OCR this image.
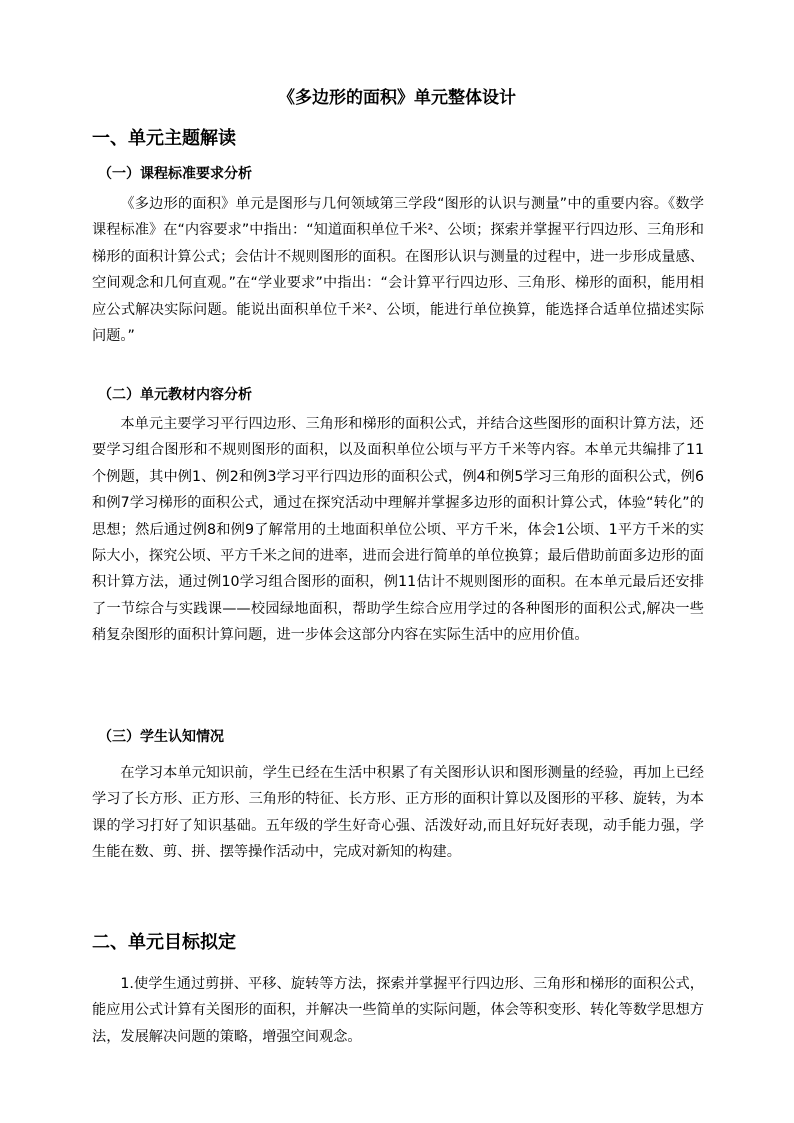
《多边形的面积》单元整体设计
一、单元主题解读
（一）课程标准要求分析

《多边形的面积》单元是图形与几何领域第三学段“图形的认识与测量”中的重要内容。《数学课程标准》在“内容要求”中指出：“知道面积单位千米²、公顷；探索并掌握平行四边形、三角形和梯形的面积计算公式；会估计不规则图形的面积。在图形认识与测量的过程中，进一步形成量感、空间观念和几何直观。”在“学业要求”中指出：“会计算平行四边形、三角形、梯形的面积，能用相应公式解决实际问题。能说出面积单位千米²、公顷，能进行单位换算，能选择合适单位描述实际问题。”

（二）单元教材内容分析

本单元主要学习平行四边形、三角形和梯形的面积公式，并结合这些图形的面积计算方法，还要学习组合图形和不规则图形的面积，以及面积单位公顷与平方千米等内容。本单元共编排了11个例题，其中例1、例2和例3学习平行四边形的面积公式，例4和例5学习三角形的面积公式，例6和例7学习梯形的面积公式，通过在探究活动中理解并掌握多边形的面积计算公式，体验“转化”的思想；然后通过例8和例9了解常用的土地面积单位公顷、平方千米，体会1公顷、1平方千米的实际大小，探究公顷、平方千米之间的进率，进而会进行简单的单位换算；最后借助前面多边形的面积计算方法，通过例10学习组合图形的面积，例11估计不规则图形的面积。在本单元最后还安排了一节综合与实践课——校园绿地面积，帮助学生综合应用学过的各种图形的面积公式,解决一些稍复杂图形的面积计算问题，进一步体会这部分内容在实际生活中的应用价值。

（三）学生认知情况

在学习本单元知识前，学生已经在生活中积累了有关图形认识和图形测量的经验，再加上已经学习了长方形、正方形、三角形的特征、长方形、正方形的面积计算以及图形的平移、旋转，为本课的学习打好了知识基础。五年级的学生好奇心强、活泼好动,而且好玩好表现，动手能力强，学生能在数、剪、拼、摆等操作活动中，完成对新知的构建。

二、单元目标拟定

1.使学生通过剪拼、平移、旋转等方法，探索并掌握平行四边形、三角形和梯形的面积公式，能应用公式计算有关图形的面积，并解决一些简单的实际问题，体会等积变形、转化等数学思想方法，发展解决问题的策略，增强空间观念。
